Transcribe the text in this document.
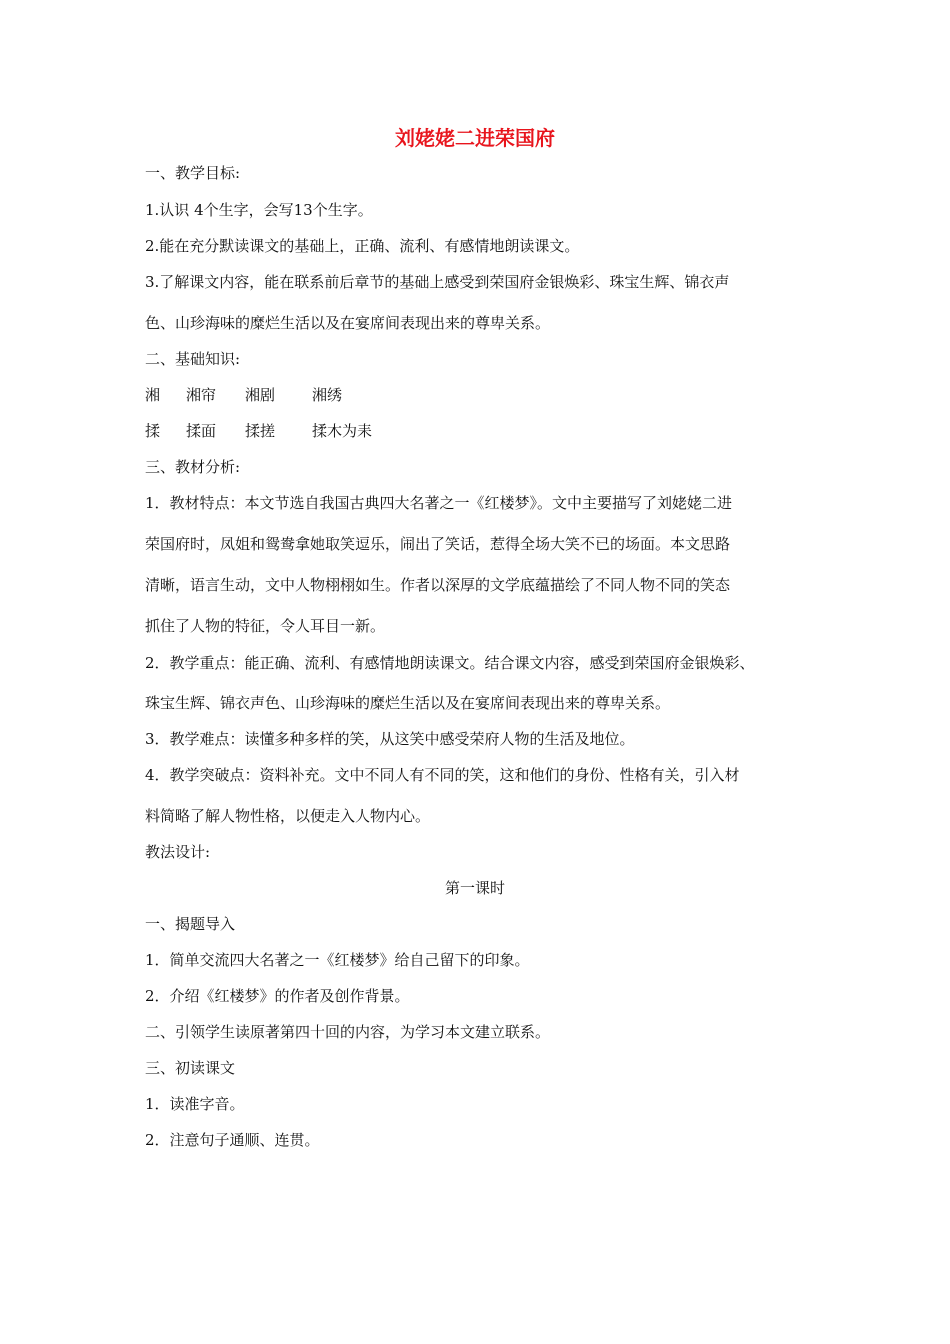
刘姥姥二进荣国府
一、教学目标:
1.认识 4个生字，会写13个生字。
2.能在充分默读课文的基础上，正确、流利、有感情地朗读课文。
3.了解课文内容，能在联系前后章节的基础上感受到荣国府金银焕彩、珠宝生辉、锦衣声
色、山珍海味的糜烂生活以及在宴席间表现出来的尊卑关系。
二、基础知识:
湘 湘帘 湘剧 湘绣
揉 揉面 揉搓 揉木为耒
三、教材分析:
1．教材特点：本文节选自我国古典四大名著之一《红楼梦》。文中主要描写了刘姥姥二进
荣国府时，凤姐和鸳鸯拿她取笑逗乐，闹出了笑话，惹得全场大笑不已的场面。本文思路
清晰，语言生动，文中人物栩栩如生。作者以深厚的文学底蕴描绘了不同人物不同的笑态
抓住了人物的特征，令人耳目一新。
2．教学重点：能正确、流利、有感情地朗读课文。结合课文内容，感受到荣国府金银焕彩、
珠宝生辉、锦衣声色、山珍海味的糜烂生活以及在宴席间表现出来的尊卑关系。
3．教学难点：读懂多种多样的笑，从这笑中感受荣府人物的生活及地位。
4．教学突破点：资料补充。文中不同人有不同的笑，这和他们的身份、性格有关，引入材
料简略了解人物性格，以便走入人物内心。
教法设计:
第一课时
一、揭题导入
1．简单交流四大名著之一《红楼梦》给自己留下的印象。
2．介绍《红楼梦》的作者及创作背景。
二、引领学生读原著第四十回的内容，为学习本文建立联系。
三、初读课文
1．读准字音。
2．注意句子通顺、连贯。
